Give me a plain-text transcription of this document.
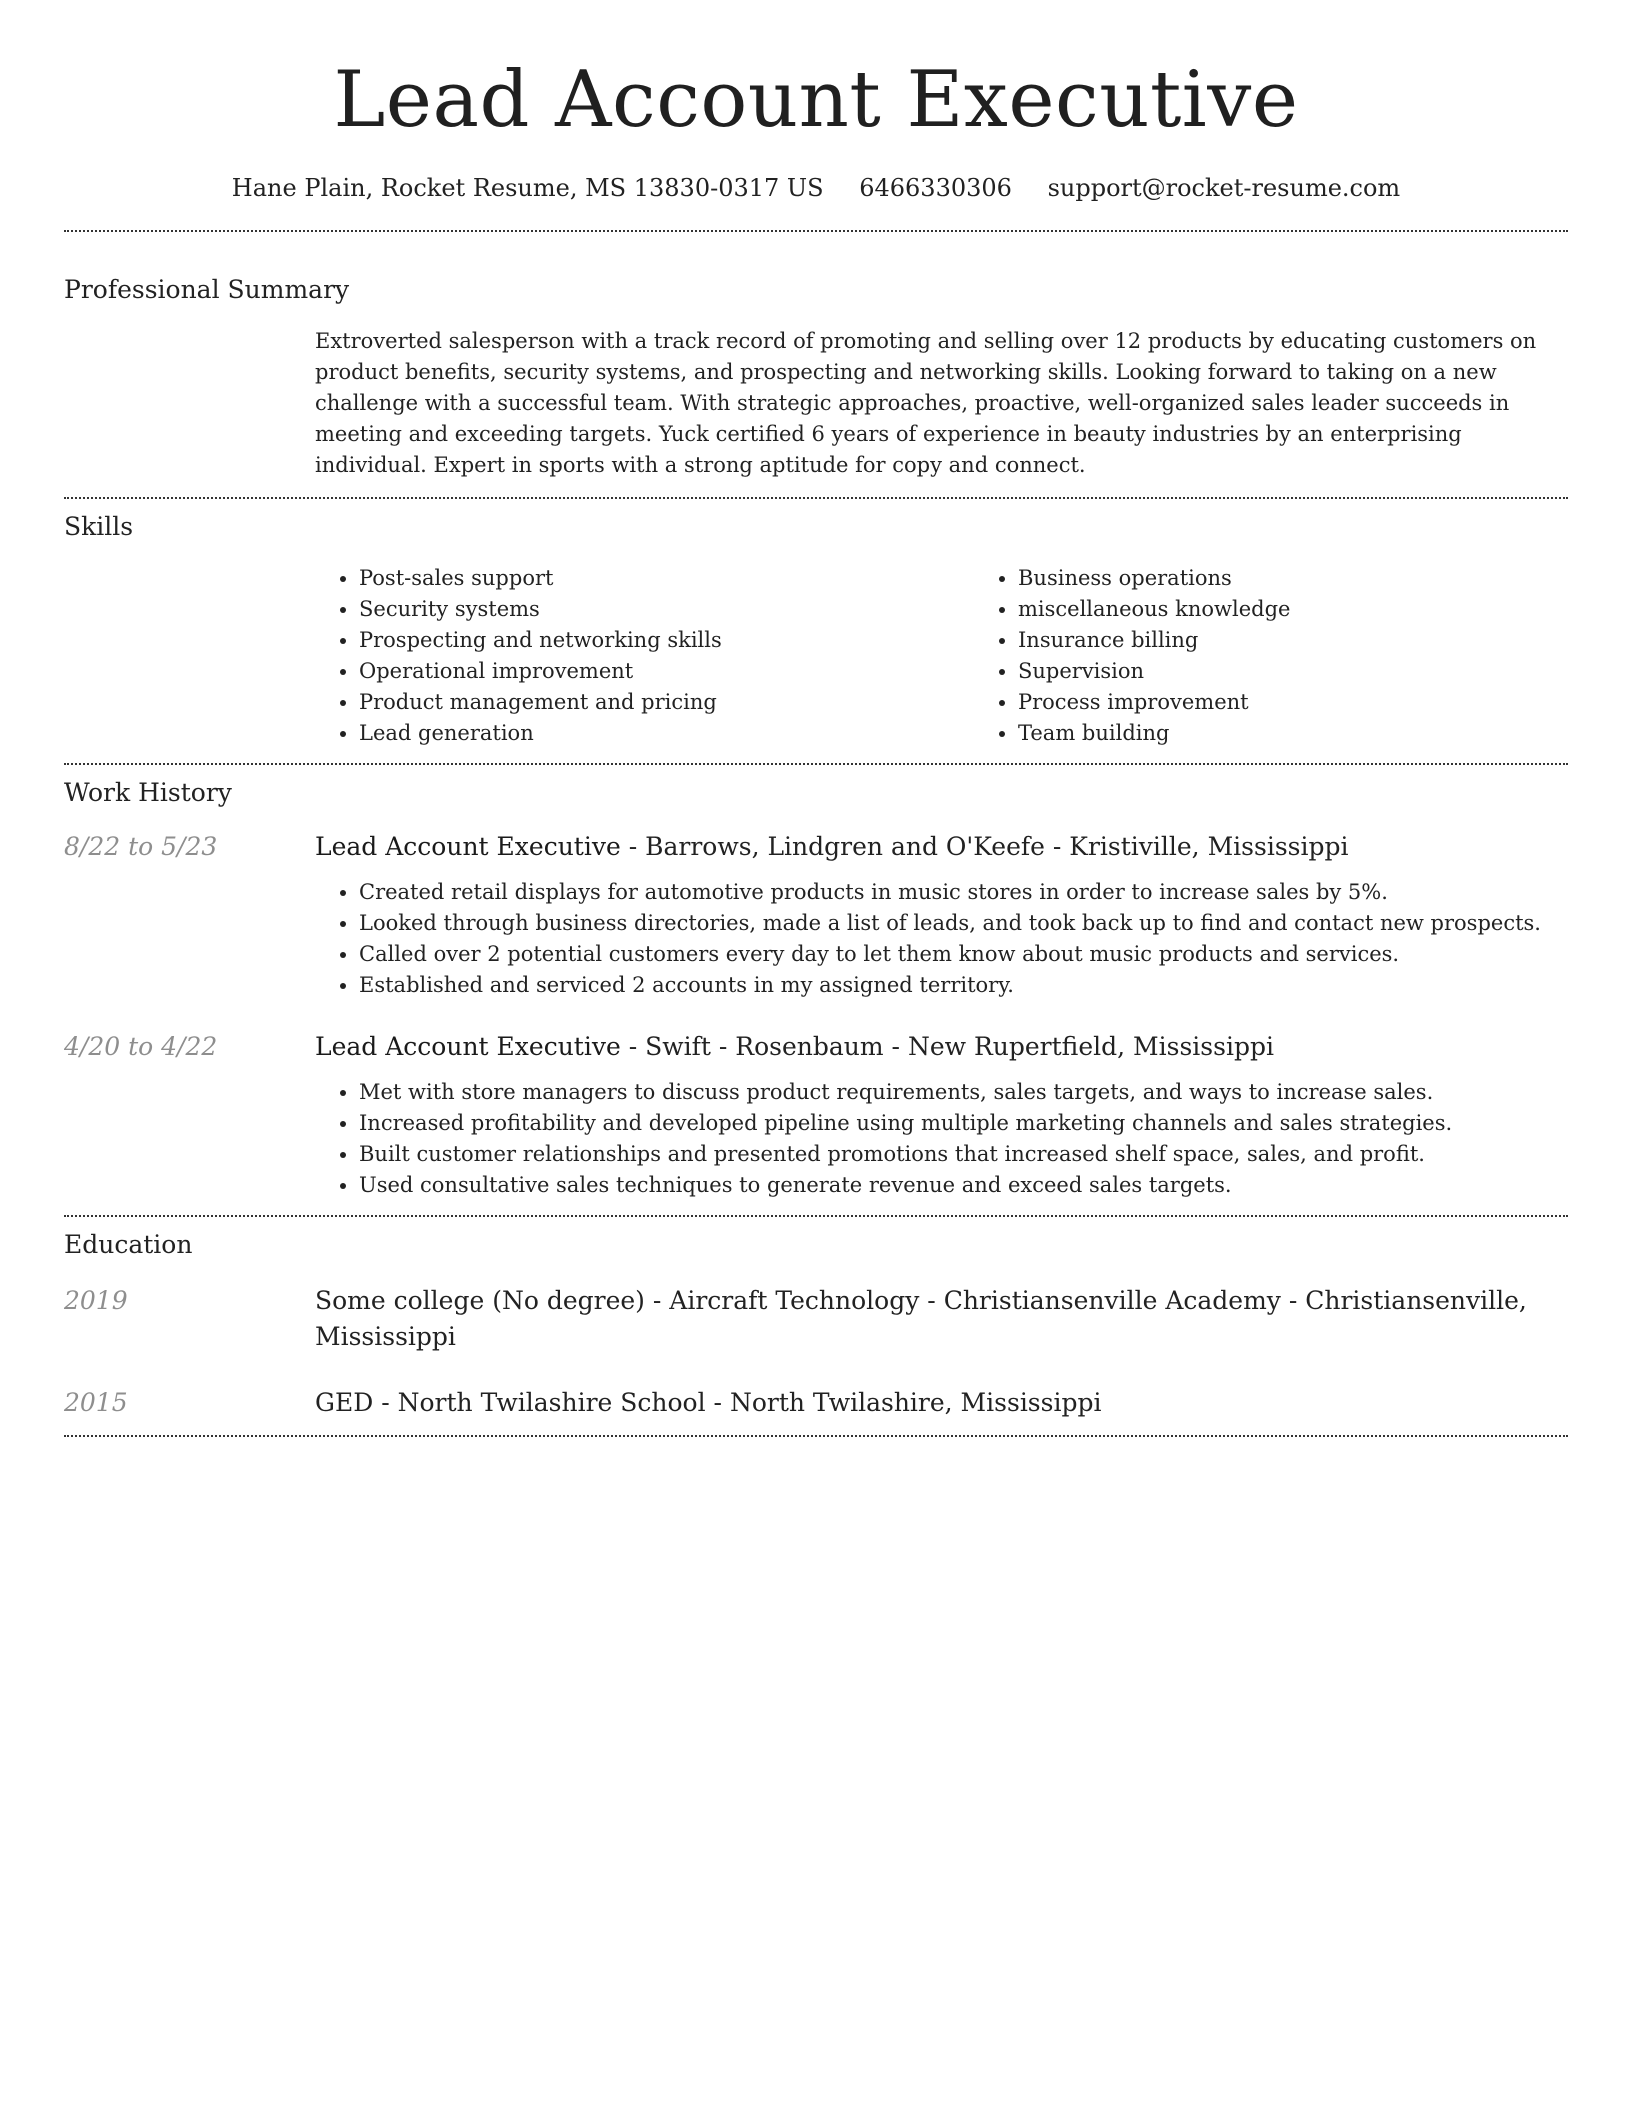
Lead Account Executive
Hane Plain, Rocket Resume, MS 13830-0317 US 6466330306 support@rocket-resume.com
Professional Summary

Extroverted salesperson with a track record of promoting and selling over 12 products by educating customers on product benefits, security systems, and prospecting and networking skills. Looking forward to taking on a new challenge with a successful team. With strategic approaches, proactive, well-organized sales leader succeeds in meeting and exceeding targets. Yuck certified 6 years of experience in beauty industries by an enterprising individual. Expert in sports with a strong aptitude for copy and connect.

Skills
• Post-sales support
• Security systems
• Prospecting and networking skills
• Operational improvement
• Product management and pricing
• Lead generation
• Business operations
• miscellaneous knowledge
• Insurance billing
• Supervision
• Process improvement
• Team building
Work History
8/22 to 5/23	Lead Account Executive - Barrows, Lindgren and O'Keefe - Kristiville, Mississippi
• Created retail displays for automotive products in music stores in order to increase sales by 5%.
• Looked through business directories, made a list of leads, and took back up to find and contact new prospects.
• Called over 2 potential customers every day to let them know about music products and services.
• Established and serviced 2 accounts in my assigned territory.
4/20 to 4/22	Lead Account Executive - Swift - Rosenbaum - New Rupertfield, Mississippi
• Met with store managers to discuss product requirements, sales targets, and ways to increase sales.
• Increased profitability and developed pipeline using multiple marketing channels and sales strategies.
• Built customer relationships and presented promotions that increased shelf space, sales, and profit.
• Used consultative sales techniques to generate revenue and exceed sales targets.
Education
2019	Some college (No degree) - Aircraft Technology - Christiansenville Academy - Christiansenville, Mississippi
2015	GED - North Twilashire School - North Twilashire, Mississippi
